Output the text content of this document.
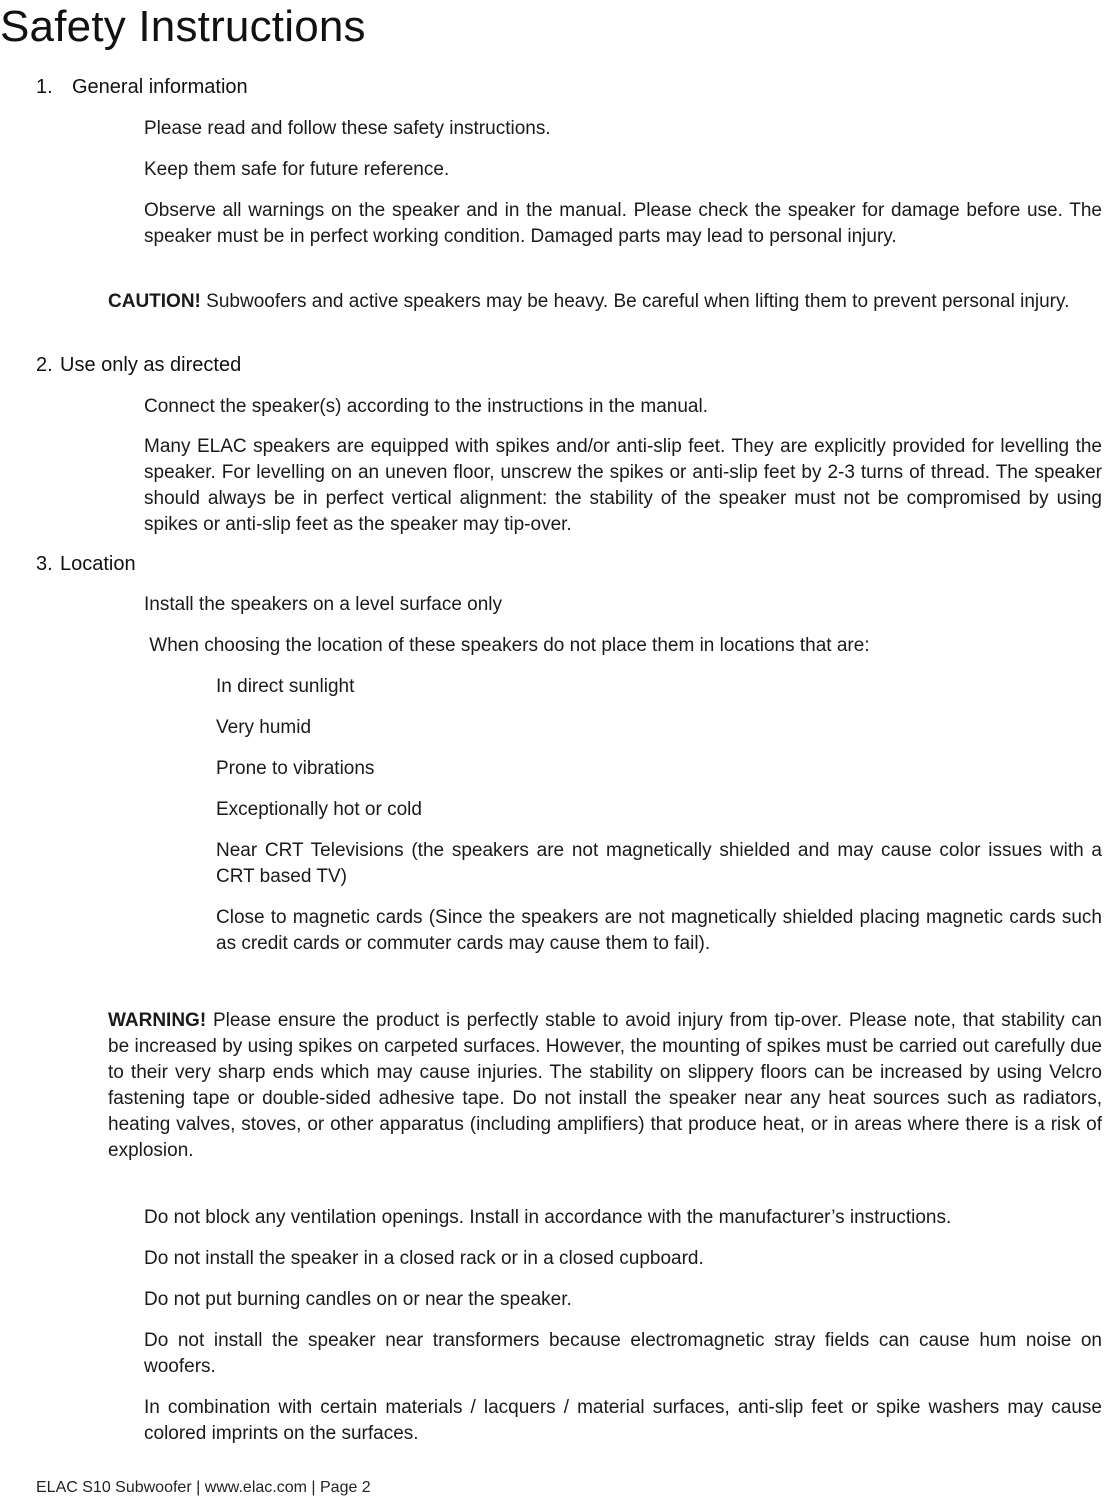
Safety Instructions
1. General information

Please read and follow these safety instructions.

Keep them safe for future reference.

Observe all warnings on the speaker and in the manual. Please check the speaker for damage before use. The speaker must be in perfect working condition. Damaged parts may lead to personal injury.

CAUTION! Subwoofers and active speakers may be heavy. Be careful when lifting them to prevent personal injury.

2. Use only as directed

Connect the speaker(s) according to the instructions in the manual.

Many ELAC speakers are equipped with spikes and/or anti-slip feet. They are explicitly provided for levelling the speaker. For levelling on an uneven floor, unscrew the spikes or anti-slip feet by 2-3 turns of thread. The speaker should always be in perfect vertical alignment: the stability of the speaker must not be compromised by using spikes or anti-slip feet as the speaker may tip-over.

3. Location

Install the speakers on a level surface only

When choosing the location of these speakers do not place them in locations that are:

In direct sunlight

Very humid

Prone to vibrations

Exceptionally hot or cold

Near CRT Televisions (the speakers are not magnetically shielded and may cause color issues with a CRT based TV)

Close to magnetic cards (Since the speakers are not magnetically shielded placing magnetic cards such as credit cards or commuter cards may cause them to fail).

WARNING! Please ensure the product is perfectly stable to avoid injury from tip-over. Please note, that stability can be increased by using spikes on carpeted surfaces. However, the mounting of spikes must be carried out carefully due to their very sharp ends which may cause injuries. The stability on slippery floors can be increased by using Velcro fastening tape or double-sided adhesive tape. Do not install the speaker near any heat sources such as radiators, heating valves, stoves, or other apparatus (including amplifiers) that produce heat, or in areas where there is a risk of explosion.

Do not block any ventilation openings. Install in accordance with the manufacturer’s instructions.

Do not install the speaker in a closed rack or in a closed cupboard.

Do not put burning candles on or near the speaker.

Do not install the speaker near transformers because electromagnetic stray fields can cause hum noise on woofers.

In combination with certain materials / lacquers / material surfaces, anti-slip feet or spike washers may cause colored imprints on the surfaces.

ELAC S10 Subwoofer | www.elac.com | Page 2
